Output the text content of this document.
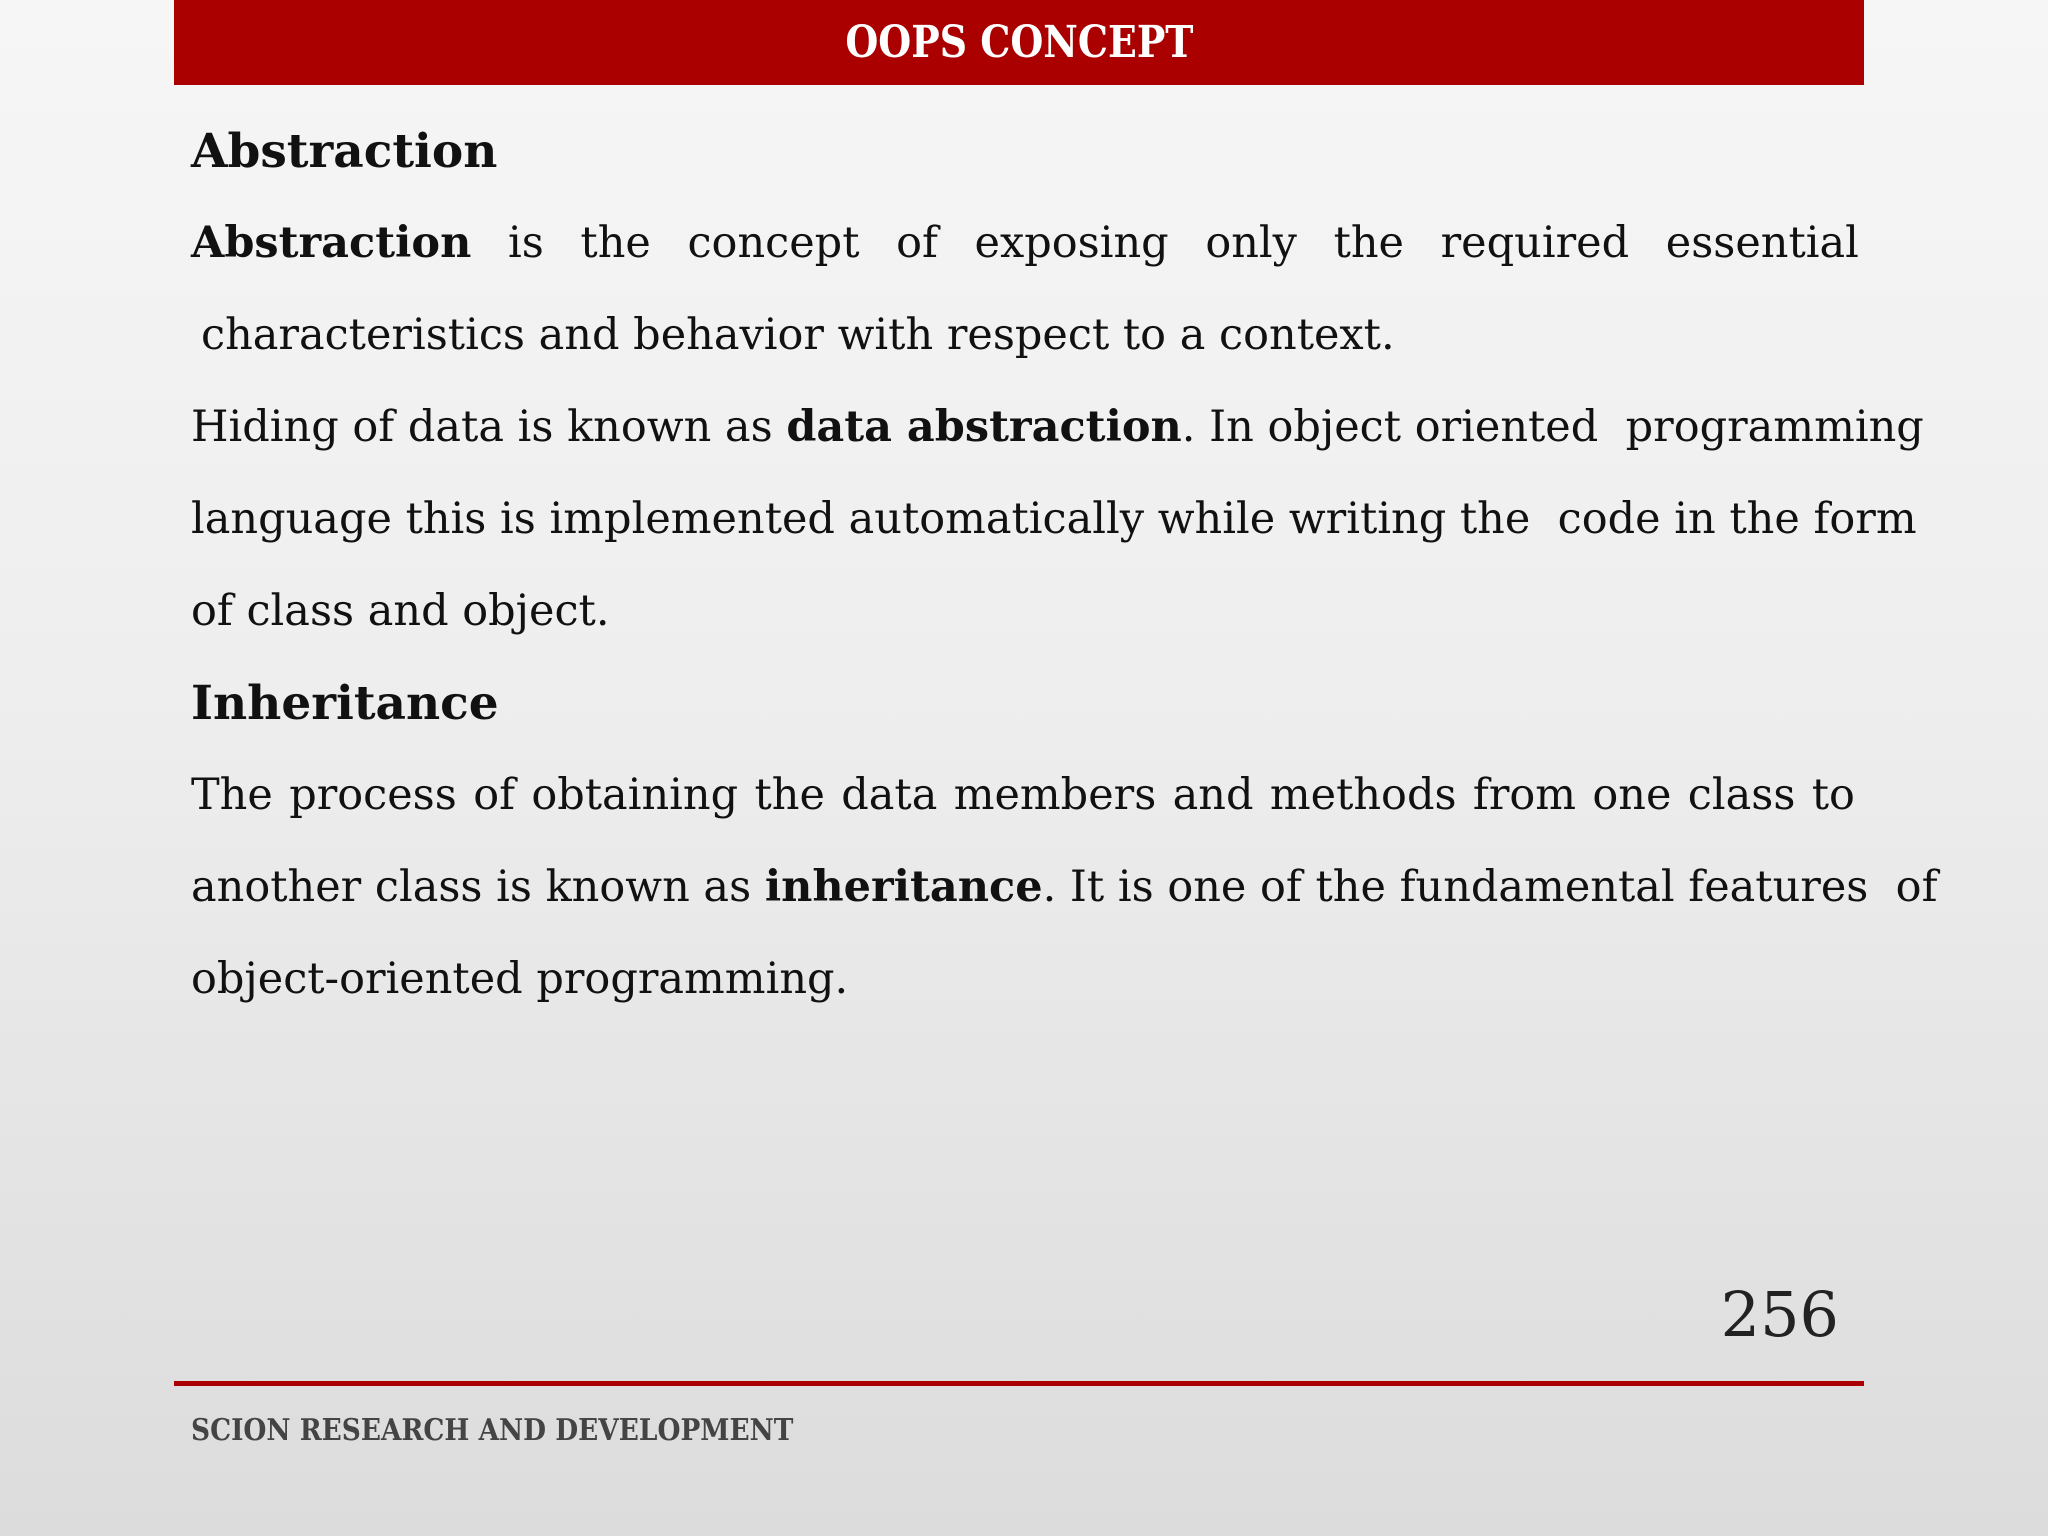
OOPS CONCEPT
Abstraction
Abstraction is the concept of exposing only the required essential
characteristics and behavior with respect to a context.
Hiding of data is known as data abstraction. In object oriented  programming
language this is implemented automatically while writing the  code in the form
of class and object.
Inheritance
The process of obtaining the data members and methods from one class to
another class is known as inheritance . It is one of the fundamental features  of
object-oriented programming.
256
SCION RESEARCH AND DEVELOPMENT
